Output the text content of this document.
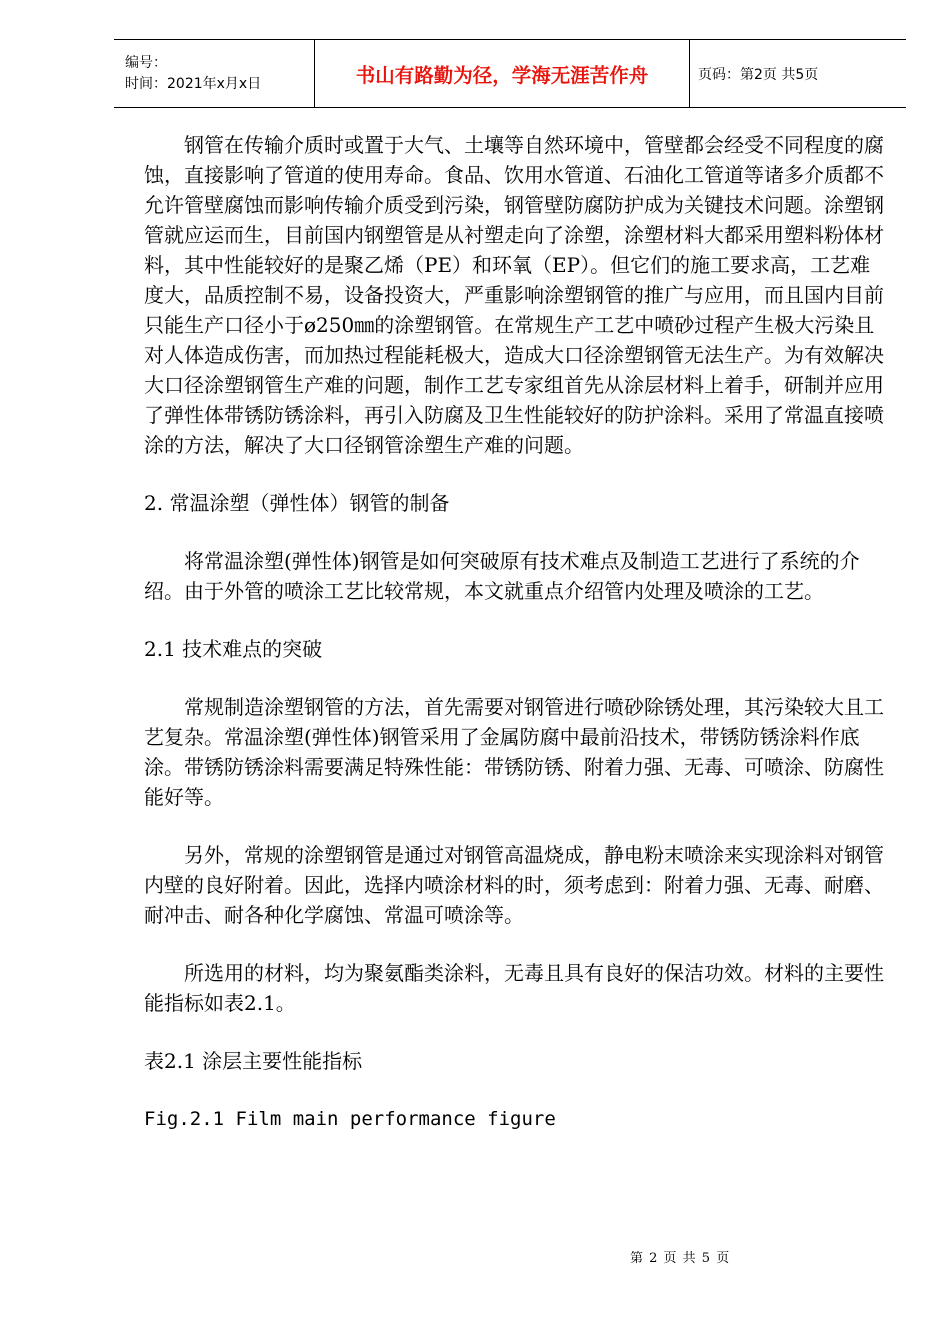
编号：
时间：2021年x月x日	书山有路勤为径，学海无涯苦作舟	页码：第2页 共5页

钢管在传输介质时或置于大气、土壤等自然环境中，管壁都会经受不同程度的腐蚀，直接影响了管道的使用寿命。食品、饮用水管道、石油化工管道等诸多介质都不允许管壁腐蚀而影响传输介质受到污染，钢管壁防腐防护成为关键技术问题。涂塑钢管就应运而生，目前国内钢塑管是从衬塑走向了涂塑，涂塑材料大都采用塑料粉体材料，其中性能较好的是聚乙烯（PE）和环氧（EP）。但它们的施工要求高，工艺难度大，品质控制不易，设备投资大，严重影响涂塑钢管的推广与应用，而且国内目前只能生产口径小于ø250㎜的涂塑钢管。在常规生产工艺中喷砂过程产生极大污染且对人体造成伤害，而加热过程能耗极大，造成大口径涂塑钢管无法生产。为有效解决大口径涂塑钢管生产难的问题，制作工艺专家组首先从涂层材料上着手，研制并应用了弹性体带锈防锈涂料，再引入防腐及卫生性能较好的防护涂料。采用了常温直接喷涂的方法，解决了大口径钢管涂塑生产难的问题。

2. 常温涂塑（弹性体）钢管的制备

将常温涂塑(弹性体)钢管是如何突破原有技术难点及制造工艺进行了系统的介绍。由于外管的喷涂工艺比较常规，本文就重点介绍管内处理及喷涂的工艺。

2.1 技术难点的突破

常规制造涂塑钢管的方法，首先需要对钢管进行喷砂除锈处理，其污染较大且工艺复杂。常温涂塑(弹性体)钢管采用了金属防腐中最前沿技术，带锈防锈涂料作底涂。带锈防锈涂料需要满足特殊性能：带锈防锈、附着力强、无毒、可喷涂、防腐性能好等。

另外，常规的涂塑钢管是通过对钢管高温烧成，静电粉末喷涂来实现涂料对钢管内壁的良好附着。因此，选择内喷涂材料的时，须考虑到：附着力强、无毒、耐磨、耐冲击、耐各种化学腐蚀、常温可喷涂等。

所选用的材料，均为聚氨酯类涂料，无毒且具有良好的保洁功效。材料的主要性能指标如表2.1。

表2.1 涂层主要性能指标

Fig.2.1 Film main performance figure

第 2 页 共 5 页
